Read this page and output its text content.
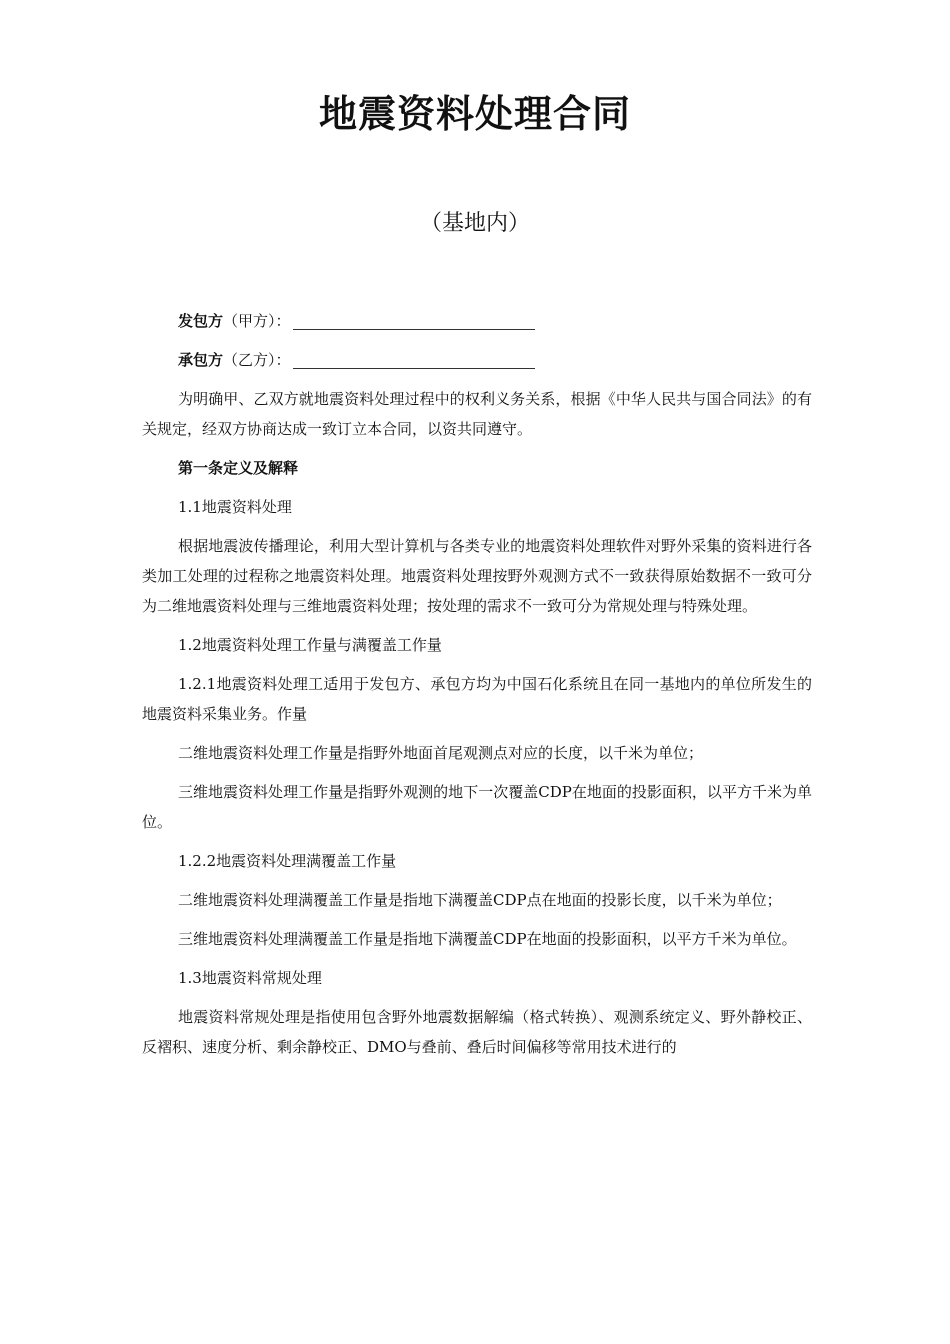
地震资料处理合同
（基地内）
发包方（甲方）：
承包方（乙方）：
为明确甲、乙双方就地震资料处理过程中的权利义务关系，根据《中华人民共与国合同法》的有关规定，经双方协商达成一致订立本合同，以资共同遵守。
第一条定义及解释
1.1地震资料处理
根据地震波传播理论，利用大型计算机与各类专业的地震资料处理软件对野外采集的资料进行各类加工处理的过程称之地震资料处理。地震资料处理按野外观测方式不一致获得原始数据不一致可分为二维地震资料处理与三维地震资料处理；按处理的需求不一致可分为常规处理与特殊处理。
1.2地震资料处理工作量与满覆盖工作量
1.2.1地震资料处理工适用于发包方、承包方均为中国石化系统且在同一基地内的单位所发生的地震资料采集业务。作量
二维地震资料处理工作量是指野外地面首尾观测点对应的长度，以千米为单位；
三维地震资料处理工作量是指野外观测的地下一次覆盖CDP在地面的投影面积，以平方千米为单位。
1.2.2地震资料处理满覆盖工作量
二维地震资料处理满覆盖工作量是指地下满覆盖CDP点在地面的投影长度，以千米为单位；
三维地震资料处理满覆盖工作量是指地下满覆盖CDP在地面的投影面积，以平方千米为单位。
1.3地震资料常规处理
地震资料常规处理是指使用包含野外地震数据解编（格式转换）、观测系统定义、野外静校正、反褶积、速度分析、剩余静校正、DMO与叠前、叠后时间偏移等常用技术进行的
